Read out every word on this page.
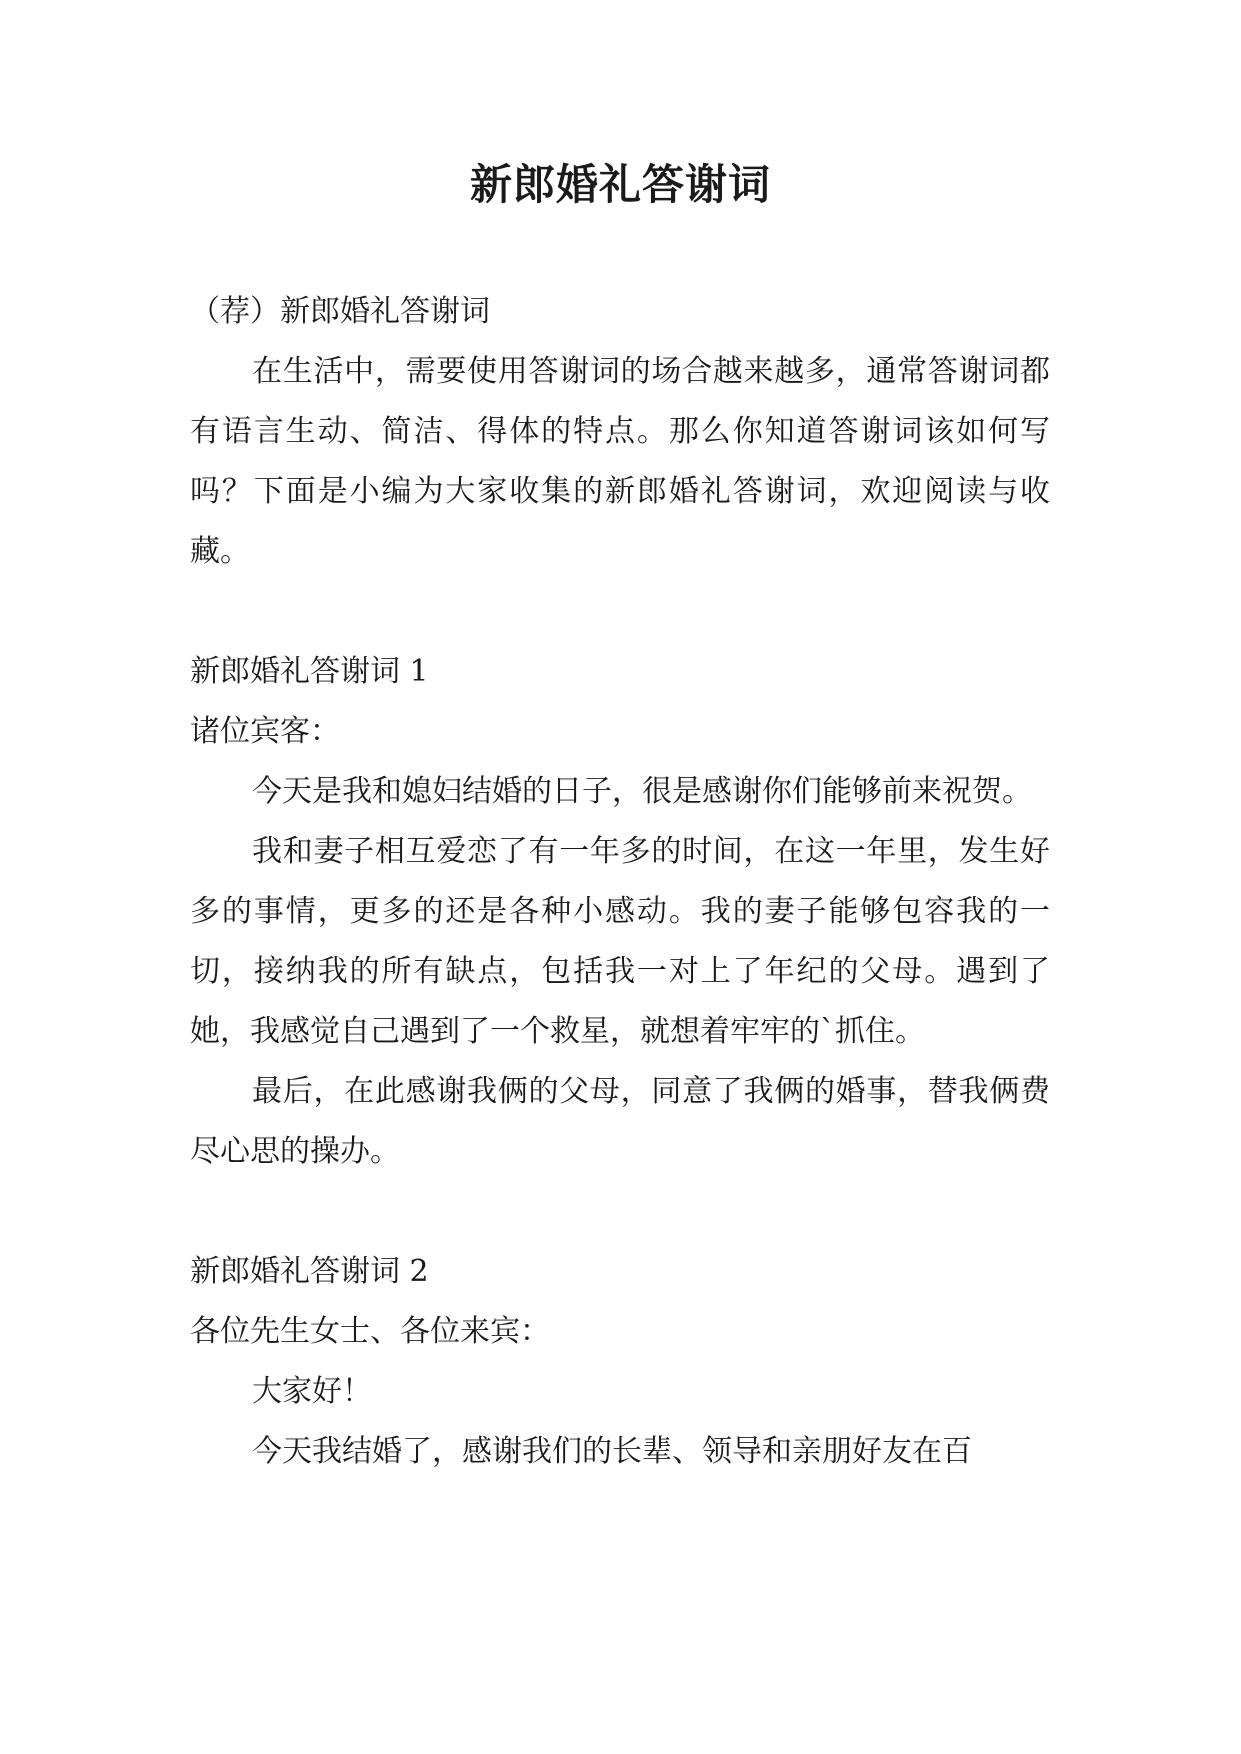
新郎婚礼答谢词

（荐）新郎婚礼答谢词

在生活中，需要使用答谢词的场合越来越多，通常答谢词都有语言生动、简洁、得体的特点。那么你知道答谢词该如何写吗？下面是小编为大家收集的新郎婚礼答谢词，欢迎阅读与收藏。

新郎婚礼答谢词 1

诸位宾客：

今天是我和媳妇结婚的日子，很是感谢你们能够前来祝贺。

我和妻子相互爱恋了有一年多的时间，在这一年里，发生好多的事情，更多的还是各种小感动。我的妻子能够包容我的一切，接纳我的所有缺点，包括我一对上了年纪的父母。遇到了她，我感觉自己遇到了一个救星，就想着牢牢的`抓住。

最后，在此感谢我俩的父母，同意了我俩的婚事，替我俩费尽心思的操办。

新郎婚礼答谢词 2

各位先生女士、各位来宾：

大家好！

今天我结婚了，感谢我们的长辈、领导和亲朋好友在百
